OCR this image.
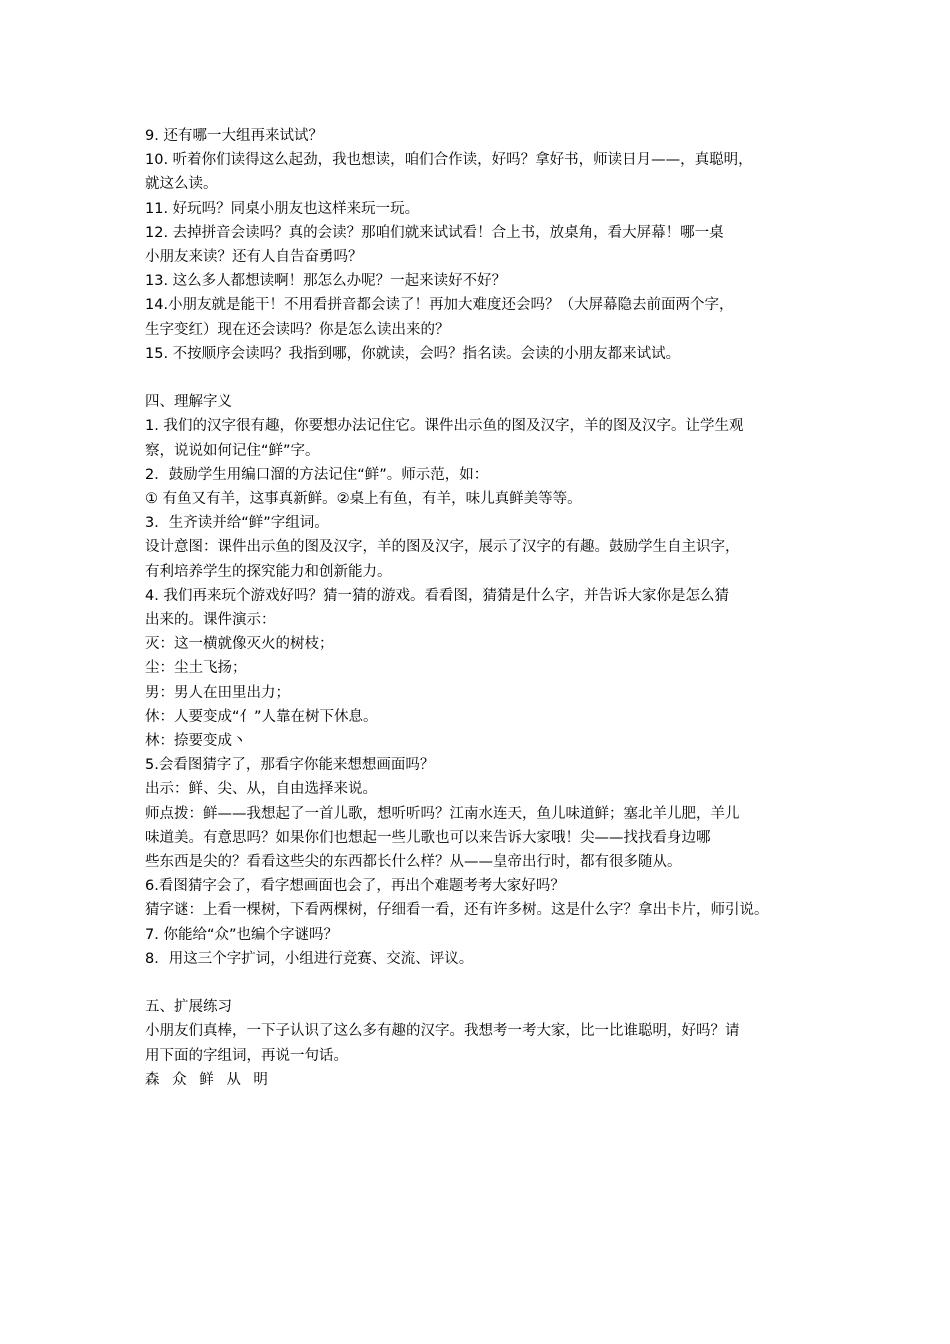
9. 还有哪一大组再来试试？

10. 听着你们读得这么起劲，我也想读，咱们合作读，好吗？拿好书，师读日月——，真聪明，

就这么读。

11. 好玩吗？同桌小朋友也这样来玩一玩。

12. 去掉拼音会读吗？真的会读？那咱们就来试试看！合上书，放桌角，看大屏幕！哪一桌

小朋友来读？还有人自告奋勇吗？

13. 这么多人都想读啊！那怎么办呢？一起来读好不好？

14.小朋友就是能干！不用看拼音都会读了！再加大难度还会吗？（大屏幕隐去前面两个字，

生字变红）现在还会读吗？你是怎么读出来的？

15. 不按顺序会读吗？我指到哪，你就读，会吗？指名读。会读的小朋友都来试试。

四、理解字义

1. 我们的汉字很有趣，你要想办法记住它。课件出示鱼的图及汉字，羊的图及汉字。让学生观

察，说说如何记住“鲜”字。

2．鼓励学生用编口溜的方法记住“鲜”。师示范，如：

① 有鱼又有羊，这事真新鲜。②桌上有鱼，有羊，味儿真鲜美等等。

3．生齐读并给“鲜”字组词。

设计意图：课件出示鱼的图及汉字，羊的图及汉字，展示了汉字的有趣。鼓励学生自主识字，

有利培养学生的探究能力和创新能力。

4. 我们再来玩个游戏好吗？猜一猜的游戏。看看图，猜猜是什么字，并告诉大家你是怎么猜

出来的。课件演示：

灭：这一横就像灭火的树枝；

尘：尘土飞扬；

男：男人在田里出力；

休：人要变成“亻”人靠在树下休息。

林：捺要变成丶

5.会看图猜字了，那看字你能来想想画面吗？

出示：鲜、尖、从，自由选择来说。

师点拨：鲜——我想起了一首儿歌，想听听吗？江南水连天，鱼儿味道鲜；塞北羊儿肥，羊儿

味道美。有意思吗？如果你们也想起一些儿歌也可以来告诉大家哦！尖——找找看身边哪

些东西是尖的？看看这些尖的东西都长什么样？从——皇帝出行时，都有很多随从。

6.看图猜字会了，看字想画面也会了，再出个难题考考大家好吗？

猜字谜：上看一棵树，下看两棵树，仔细看一看，还有许多树。这是什么字？拿出卡片，师引说。

7. 你能给“众”也编个字谜吗？

8．用这三个字扩词，小组进行竞赛、交流、评议。

五、扩展练习

小朋友们真棒，一下子认识了这么多有趣的汉字。我想考一考大家，比一比谁聪明，好吗？请

用下面的字组词，再说一句话。

森 众 鲜 从 明
